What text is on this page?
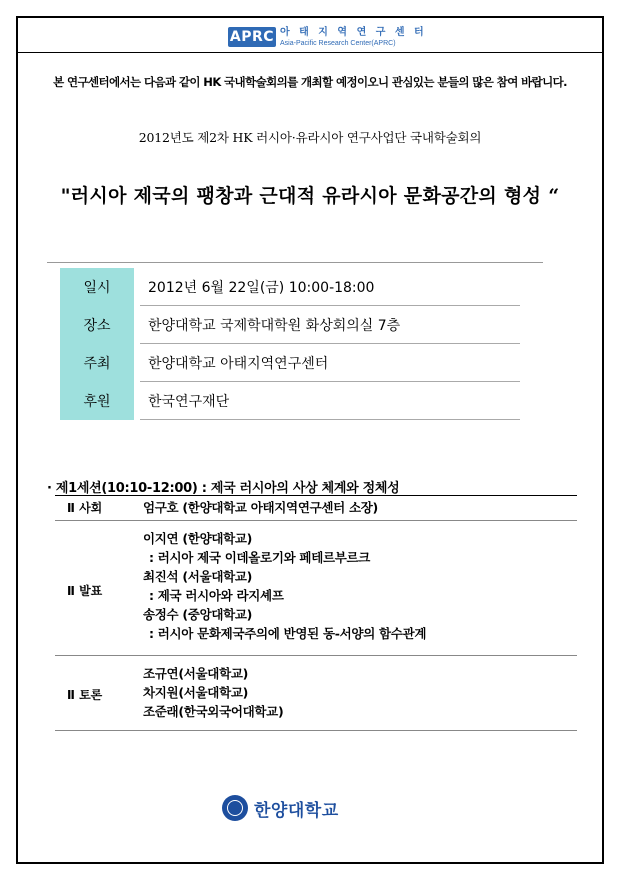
APRC 아 태 지 역 연 구 센 터
Asia-Pacific Research Center(APRC)
본 연구센터에서는 다음과 같이 HK 국내학술회의를 개최할 예정이오니 관심있는 분들의 많은 참여 바랍니다.
2012년도 제2차 HK 러시아·유라시아 연구사업단 국내학술회의
"러시아 제국의 팽창과 근대적 유라시아 문화공간의 형성 “
일시	2012년 6월 22일(금) 10:00-18:00
장소	한양대학교 국제학대학원 화상회의실 7층
주최	한양대학교 아태지역연구센터
후원	한국연구재단
· 제1세션(10:10-12:00) : 제국 러시아의 사상 체계와 정체성
Ⅱ 사회	엄구호 (한양대학교 아태지역연구센터 소장)
Ⅱ 발표
이지연 (한양대학교)
: 러시아 제국 이데올로기와 페테르부르크
최진석 (서울대학교)
: 제국 러시아와 라지셰프
송정수 (중앙대학교)
: 러시아 문화제국주의에 반영된 동-서양의 함수관계
Ⅱ 토론
조규연(서울대학교)
차지원(서울대학교)
조준래(한국외국어대학교)
한양대학교
